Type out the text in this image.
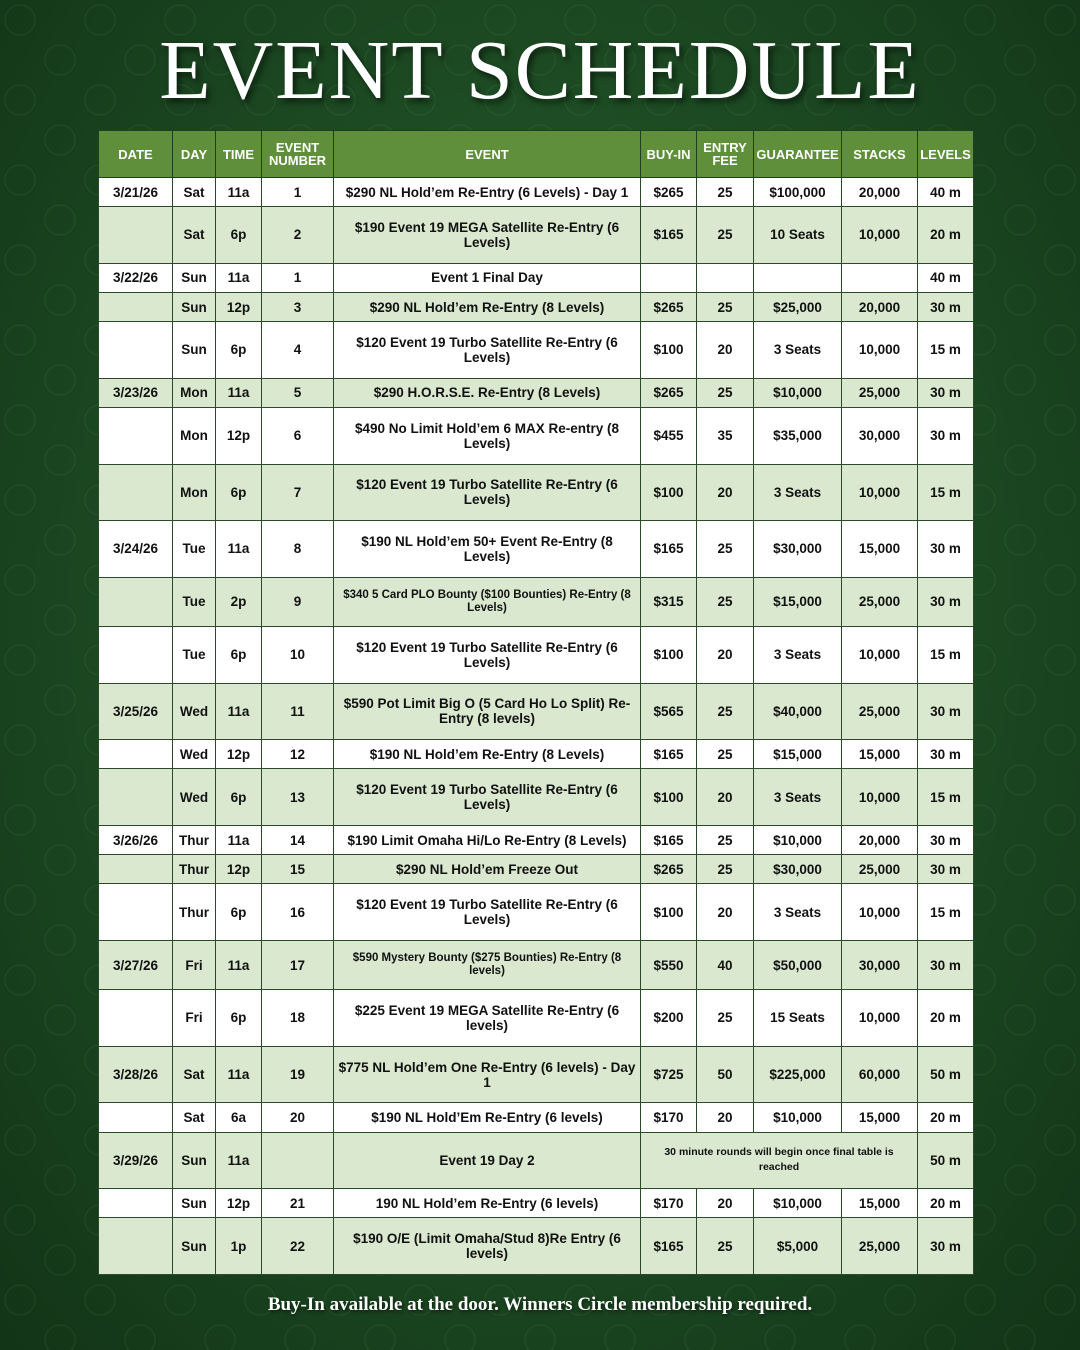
EVENT SCHEDULE
DATE	DAY	TIME	EVENT NUMBER	EVENT	BUY-IN	ENTRY FEE	GUARANTEE	STACKS	LEVELS
3/21/26	Sat	11a	1	$290 NL Hold’em Re-Entry (6 Levels) - Day 1	$265	25	$100,000	20,000	40 m
	Sat	6p	2	$190 Event 19 MEGA Satellite Re-Entry (6 Levels)	$165	25	10 Seats	10,000	20 m
3/22/26	Sun	11a	1	Event 1 Final Day					40 m
	Sun	12p	3	$290 NL Hold’em Re-Entry (8 Levels)	$265	25	$25,000	20,000	30 m
	Sun	6p	4	$120 Event 19 Turbo Satellite Re-Entry (6 Levels)	$100	20	3 Seats	10,000	15 m
3/23/26	Mon	11a	5	$290 H.O.R.S.E. Re-Entry (8 Levels)	$265	25	$10,000	25,000	30 m
	Mon	12p	6	$490 No Limit Hold’em 6 MAX Re-entry (8 Levels)	$455	35	$35,000	30,000	30 m
	Mon	6p	7	$120 Event 19 Turbo Satellite Re-Entry (6 Levels)	$100	20	3 Seats	10,000	15 m
3/24/26	Tue	11a	8	$190 NL Hold’em 50+ Event Re-Entry (8 Levels)	$165	25	$30,000	15,000	30 m
	Tue	2p	9	$340 5 Card PLO Bounty ($100 Bounties) Re-Entry (8 Levels)	$315	25	$15,000	25,000	30 m
	Tue	6p	10	$120 Event 19 Turbo Satellite Re-Entry (6 Levels)	$100	20	3 Seats	10,000	15 m
3/25/26	Wed	11a	11	$590 Pot Limit Big O (5 Card Ho Lo Split) Re-Entry (8 levels)	$565	25	$40,000	25,000	30 m
	Wed	12p	12	$190 NL Hold’em Re-Entry (8 Levels)	$165	25	$15,000	15,000	30 m
	Wed	6p	13	$120 Event 19 Turbo Satellite Re-Entry (6 Levels)	$100	20	3 Seats	10,000	15 m
3/26/26	Thur	11a	14	$190 Limit Omaha Hi/Lo Re-Entry (8 Levels)	$165	25	$10,000	20,000	30 m
	Thur	12p	15	$290 NL Hold’em Freeze Out	$265	25	$30,000	25,000	30 m
	Thur	6p	16	$120 Event 19 Turbo Satellite Re-Entry (6 Levels)	$100	20	3 Seats	10,000	15 m
3/27/26	Fri	11a	17	$590 Mystery Bounty ($275 Bounties) Re-Entry (8 levels)	$550	40	$50,000	30,000	30 m
	Fri	6p	18	$225 Event 19 MEGA Satellite Re-Entry (6 levels)	$200	25	15 Seats	10,000	20 m
3/28/26	Sat	11a	19	$775 NL Hold’em One Re-Entry (6 levels) - Day 1	$725	50	$225,000	60,000	50 m
	Sat	6a	20	$190 NL Hold’Em Re-Entry (6 levels)	$170	20	$10,000	15,000	20 m
3/29/26	Sun	11a		Event 19 Day 2	30 minute rounds will begin once final table is reached				50 m
	Sun	12p	21	190 NL Hold’em Re-Entry (6 levels)	$170	20	$10,000	15,000	20 m
	Sun	1p	22	$190 O/E (Limit Omaha/Stud 8)Re Entry (6 levels)	$165	25	$5,000	25,000	30 m
Buy-In available at the door. Winners Circle membership required.
